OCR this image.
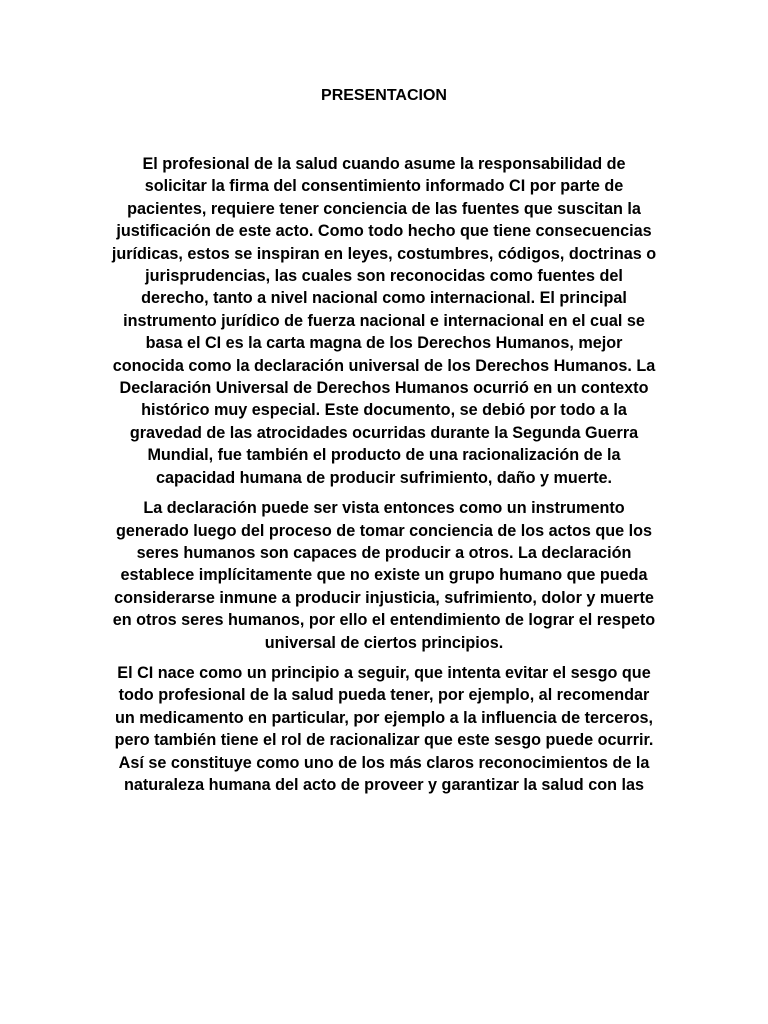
PRESENTACION

El profesional de la salud cuando asume la responsabilidad de solicitar la firma del consentimiento informado CI por parte de pacientes, requiere tener conciencia de las fuentes que suscitan la justificación de este acto. Como todo hecho que tiene consecuencias jurídicas, estos se inspiran en leyes, costumbres, códigos, doctrinas o jurisprudencias, las cuales son reconocidas como fuentes del derecho, tanto a nivel nacional como internacional. El principal instrumento jurídico de fuerza nacional e internacional en el cual se basa el CI es la carta magna de los Derechos Humanos, mejor conocida como la declaración universal de los Derechos Humanos. La Declaración Universal de Derechos Humanos ocurrió en un contexto histórico muy especial. Este documento, se debió por todo a la gravedad de las atrocidades ocurridas durante la Segunda Guerra Mundial, fue también el producto de una racionalización de la capacidad humana de producir sufrimiento, daño y muerte.

La declaración puede ser vista entonces como un instrumento generado luego del proceso de tomar conciencia de los actos que los seres humanos son capaces de producir a otros. La declaración establece implícitamente que no existe un grupo humano que pueda considerarse inmune a producir injusticia, sufrimiento, dolor y muerte en otros seres humanos, por ello el entendimiento de lograr el respeto universal de ciertos principios.

El CI nace como un principio a seguir, que intenta evitar el sesgo que todo profesional de la salud pueda tener, por ejemplo, al recomendar un medicamento en particular, por ejemplo a la influencia de terceros, pero también tiene el rol de racionalizar que este sesgo puede ocurrir. Así se constituye como uno de los más claros reconocimientos de la naturaleza humana del acto de proveer y garantizar la salud con las
